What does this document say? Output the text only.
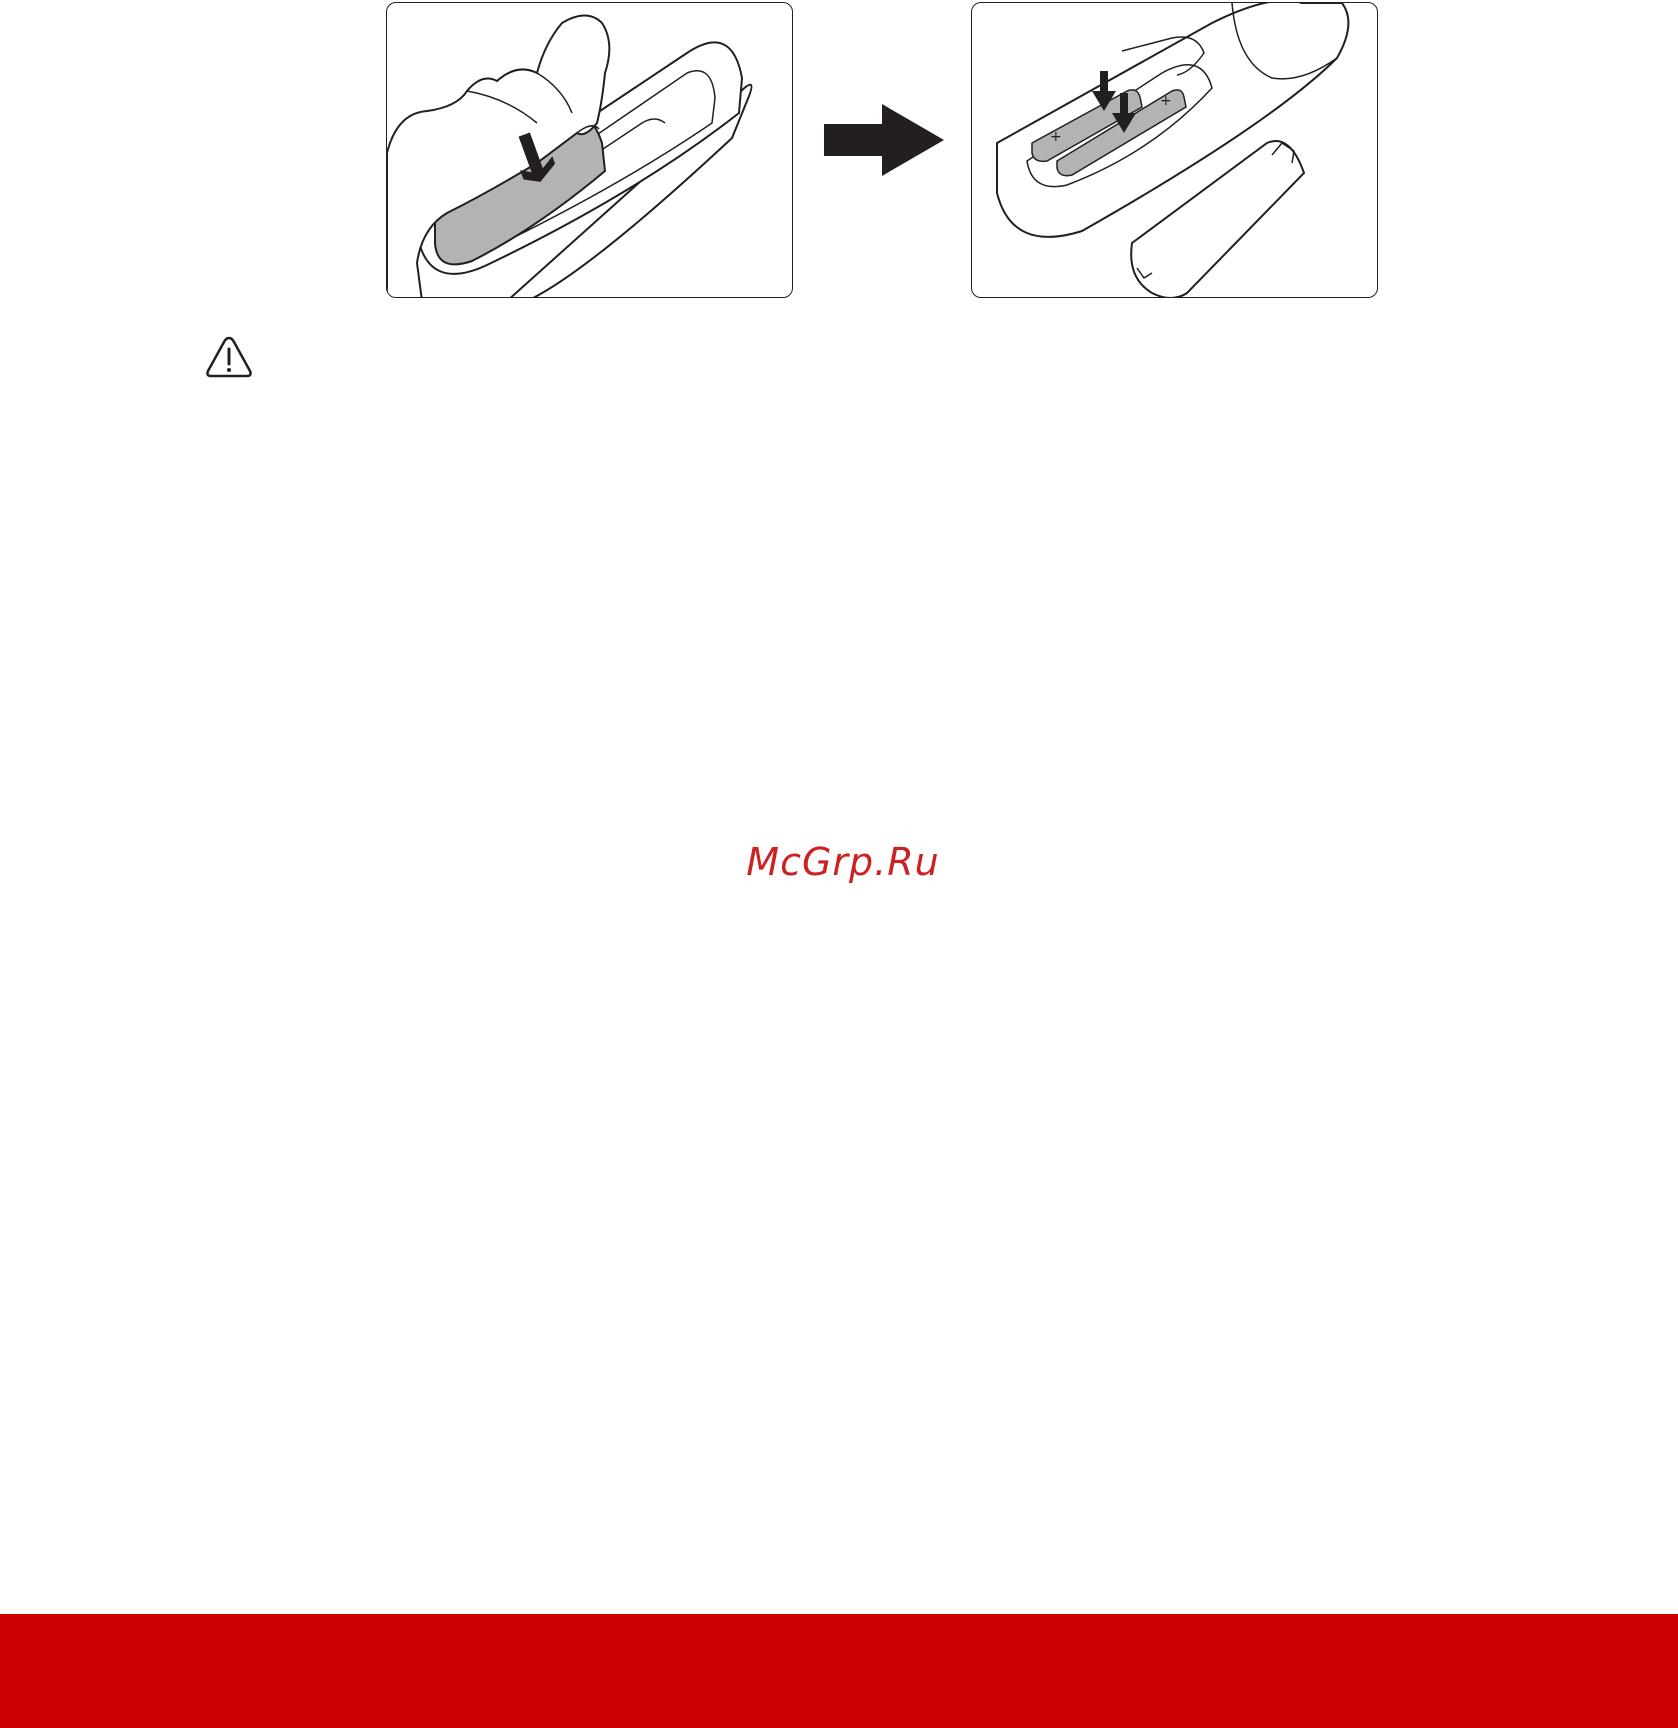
+
+
McGrp.Ru
